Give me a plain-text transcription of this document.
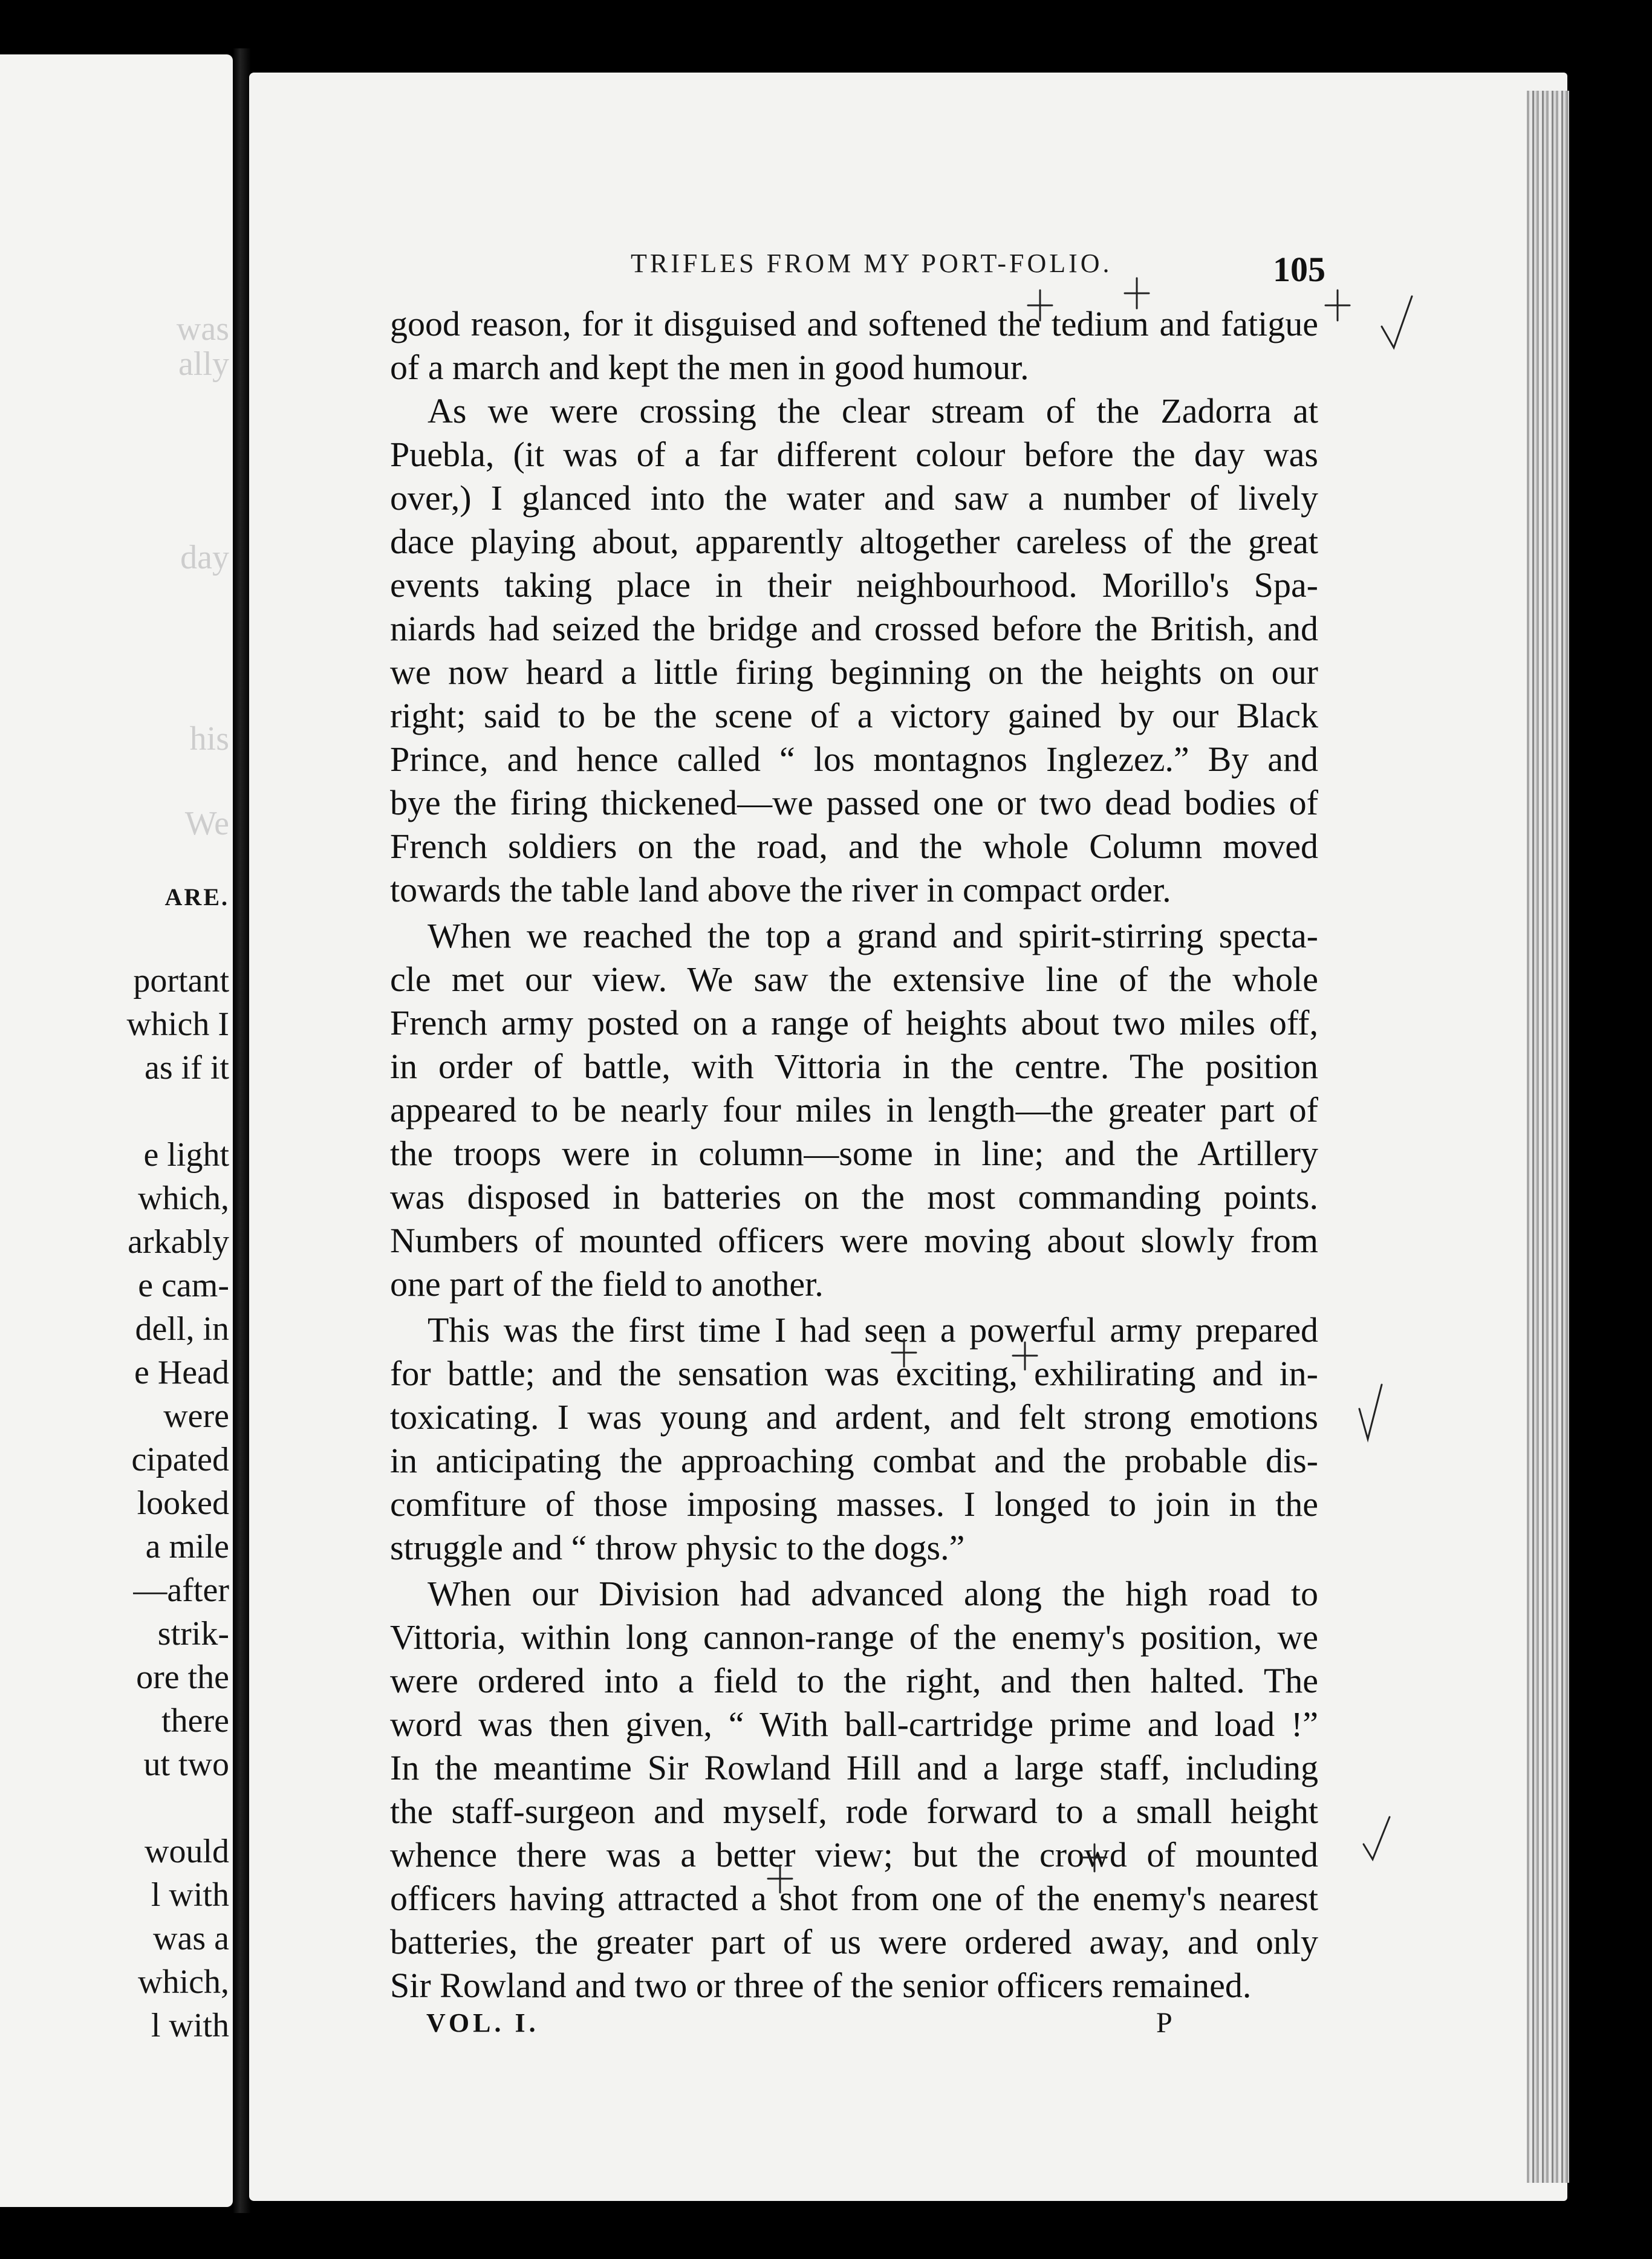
was
ally
day
his
We
ARE.
portant
which I
as if it
e light
which,
arkably
e cam-
dell, in
e Head
were
cipated
looked
a mile
—after
strik-
ore the
there
ut two
would
l with
was a
which,
l with
TRIFLES FROM MY PORT-FOLIO.	105
good reason, for it disguised and softened the tedium and fatigue
of a march and kept the men in good humour.
As we were crossing the clear stream of the Zadorra at
Puebla, (it was of a far different colour before the day was
over,) I glanced into the water and saw a number of lively
dace playing about, apparently altogether careless of the great
events taking place in their neighbourhood. Morillo's Spa-
niards had seized the bridge and crossed before the British, and
we now heard a little firing beginning on the heights on our
right; said to be the scene of a victory gained by our Black
Prince, and hence called “ los montagnos Inglezez.” By and
bye the firing thickened—we passed one or two dead bodies of
French soldiers on the road, and the whole Column moved
towards the table land above the river in compact order.
When we reached the top a grand and spirit-stirring specta-
cle met our view. We saw the extensive line of the whole
French army posted on a range of heights about two miles off,
in order of battle, with Vittoria in the centre. The position
appeared to be nearly four miles in length—the greater part of
the troops were in column—some in line; and the Artillery
was disposed in batteries on the most commanding points.
Numbers of mounted officers were moving about slowly from
one part of the field to another.
This was the first time I had seen a powerful army prepared
for battle; and the sensation was exciting, exhilirating and in-
toxicating. I was young and ardent, and felt strong emotions
in anticipating the approaching combat and the probable dis-
comfiture of those imposing masses. I longed to join in the
struggle and “ throw physic to the dogs.”
When our Division had advanced along the high road to
Vittoria, within long cannon-range of the enemy's position, we
were ordered into a field to the right, and then halted. The
word was then given, “ With ball-cartridge prime and load !”
In the meantime Sir Rowland Hill and a large staff, including
the staff-surgeon and myself, rode forward to a small height
whence there was a better view; but the crowd of mounted
officers having attracted a shot from one of the enemy's nearest
batteries, the greater part of us were ordered away, and only
Sir Rowland and two or three of the senior officers remained.
VOL. I.	P
